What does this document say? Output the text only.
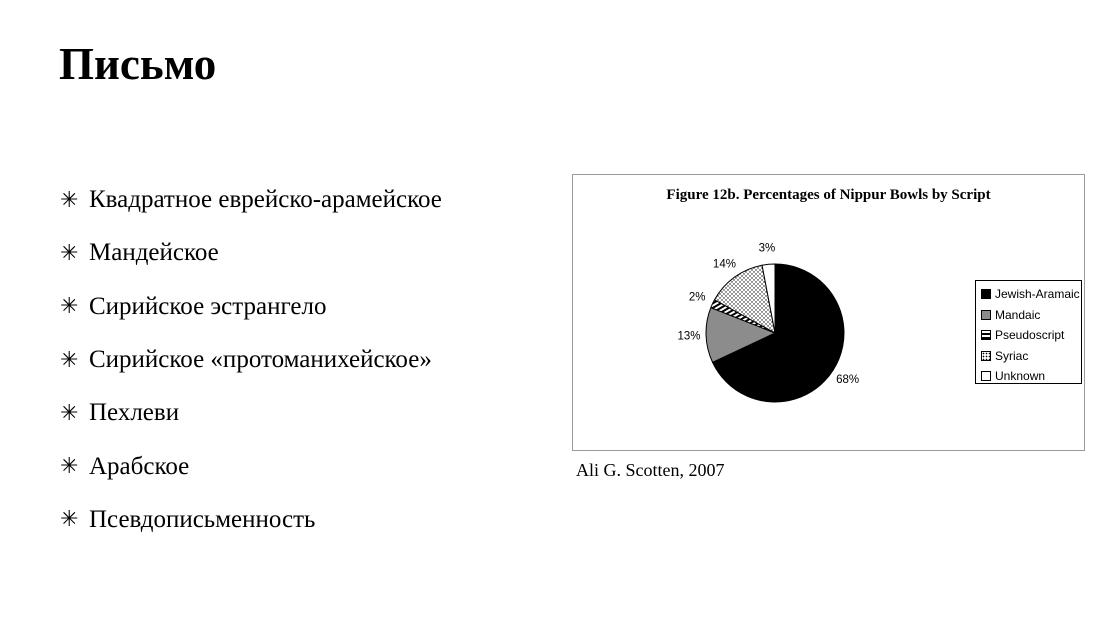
Письмо
✳ Квадратное еврейско-арамейское
✳ Мандейское
✳ Сирийское эстрангело
✳ Сирийское «протоманихейское»
✳ Пехлеви
✳ Арабское
✳ Псевдописьменность
Figure 12b. Percentages of Nippur Bowls by Script
68%
13%
2%
14%
3%
Jewish-Aramaic
Mandaic
Pseudoscript
Syriac
Unknown
Ali G. Scotten, 2007
